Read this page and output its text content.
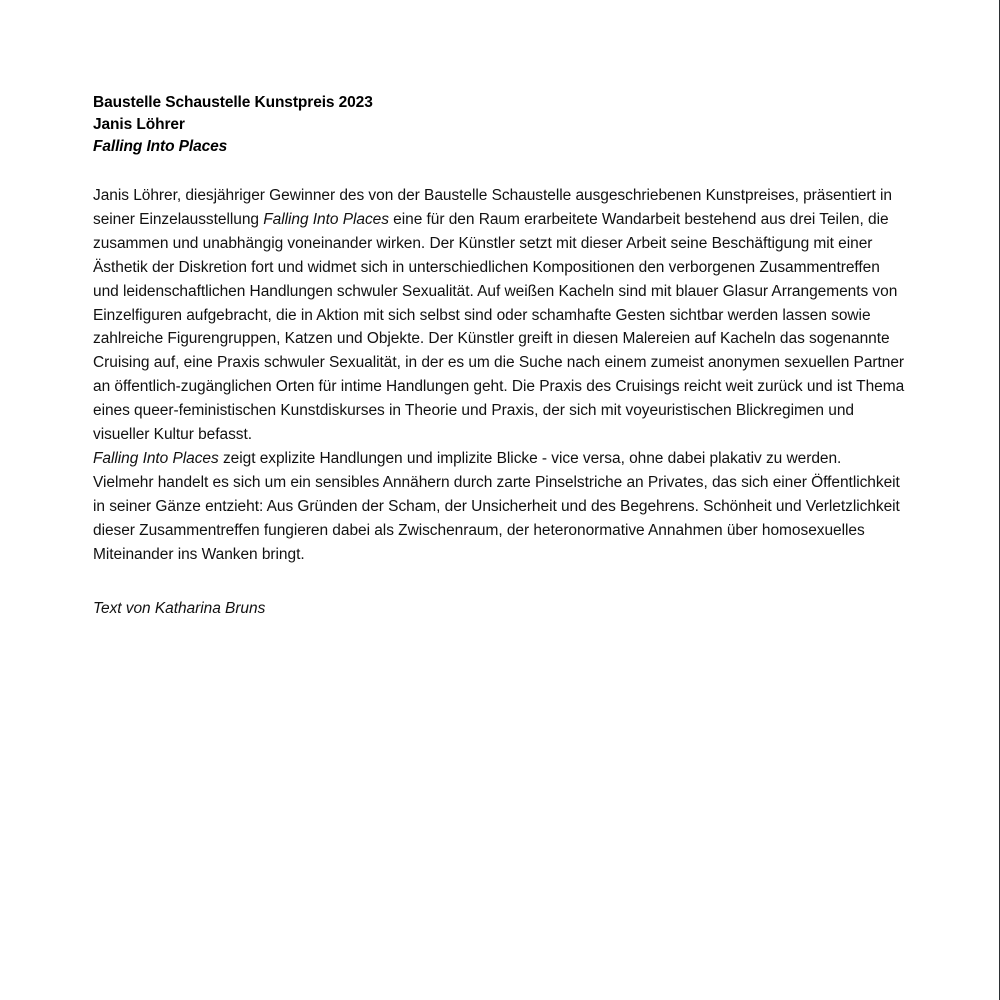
Baustelle Schaustelle Kunstpreis 2023
Janis Löhrer
Falling Into Places

Janis Löhrer, diesjähriger Gewinner des von der Baustelle Schaustelle ausgeschriebenen Kunstpreises, präsentiert in seiner Einzelausstellung Falling Into Places eine für den Raum erarbeitete Wandarbeit bestehend aus drei Teilen, die zusammen und unabhängig voneinander wirken. Der Künstler setzt mit dieser Arbeit seine Beschäftigung mit einer Ästhetik der Diskretion fort und widmet sich in unterschiedlichen Kompositionen den verborgenen Zusammentreffen und leidenschaftlichen Handlungen schwuler Sexualität. Auf weißen Kacheln sind mit blauer Glasur Arrangements von Einzelfiguren aufgebracht, die in Aktion mit sich selbst sind oder schamhafte Gesten sichtbar werden lassen sowie zahlreiche Figurengruppen, Katzen und Objekte. Der Künstler greift in diesen Malereien auf Kacheln das sogenannte Cruising auf, eine Praxis schwuler Sexualität, in der es um die Suche nach einem zumeist anonymen sexuellen Partner an öffentlich-zugänglichen Orten für intime Handlungen geht. Die Praxis des Cruisings reicht weit zurück und ist Thema eines queer-feministischen Kunstdiskurses in Theorie und Praxis, der sich mit voyeuristischen Blickregimen und visueller Kultur befasst.

Falling Into Places zeigt explizite Handlungen und implizite Blicke - vice versa, ohne dabei plakativ zu werden. Vielmehr handelt es sich um ein sensibles Annähern durch zarte Pinselstriche an Privates, das sich einer Öffentlichkeit in seiner Gänze entzieht: Aus Gründen der Scham, der Unsicherheit und des Begehrens. Schönheit und Verletzlichkeit dieser Zusammentreffen fungieren dabei als Zwischenraum, der heteronormative Annahmen über homosexuelles Miteinander ins Wanken bringt.

Text von Katharina Bruns
